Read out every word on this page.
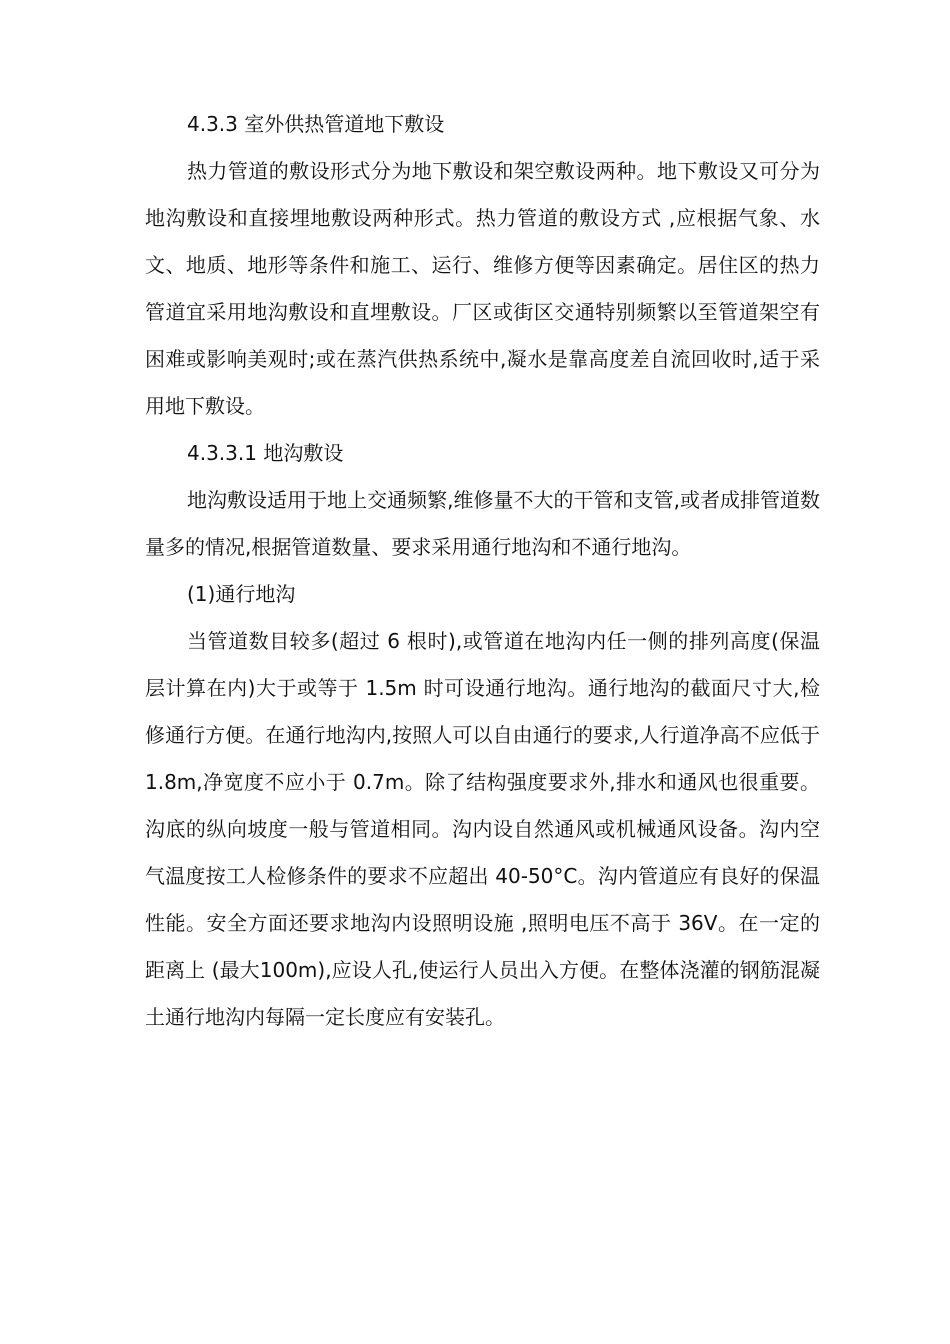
4.3.3 室外供热管道地下敷设

热力管道的敷设形式分为地下敷设和架空敷设两种。地下敷设又可分为地沟敷设和直接埋地敷设两种形式。热力管道的敷设方式 ,应根据气象、水文、地质、地形等条件和施工、运行、维修方便等因素确定。居住区的热力管道宜采用地沟敷设和直埋敷设。厂区或街区交通特别频繁以至管道架空有困难或影响美观时;或在蒸汽供热系统中,凝水是靠高度差自流回收时,适于采用地下敷设。

4.3.3.1 地沟敷设

地沟敷设适用于地上交通频繁,维修量不大的干管和支管,或者成排管道数量多的情况,根据管道数量、要求采用通行地沟和不通行地沟。

(1)通行地沟

当管道数目较多(超过 6 根时),或管道在地沟内任一侧的排列高度(保温层计算在内)大于或等于 1.5m 时可设通行地沟。通行地沟的截面尺寸大,检修通行方便。在通行地沟内,按照人可以自由通行的要求,人行道净高不应低于 1.8m,净宽度不应小于 0.7m。除了结构强度要求外,排水和通风也很重要。沟底的纵向坡度一般与管道相同。沟内设自然通风或机械通风设备。沟内空气温度按工人检修条件的要求不应超出 40-50°C。沟内管道应有良好的保温性能。安全方面还要求地沟内设照明设施 ,照明电压不高于 36V。在一定的距离上 (最大100m),应设人孔,使运行人员出入方便。在整体浇灌的钢筋混凝土通行地沟内每隔一定长度应有安装孔。
